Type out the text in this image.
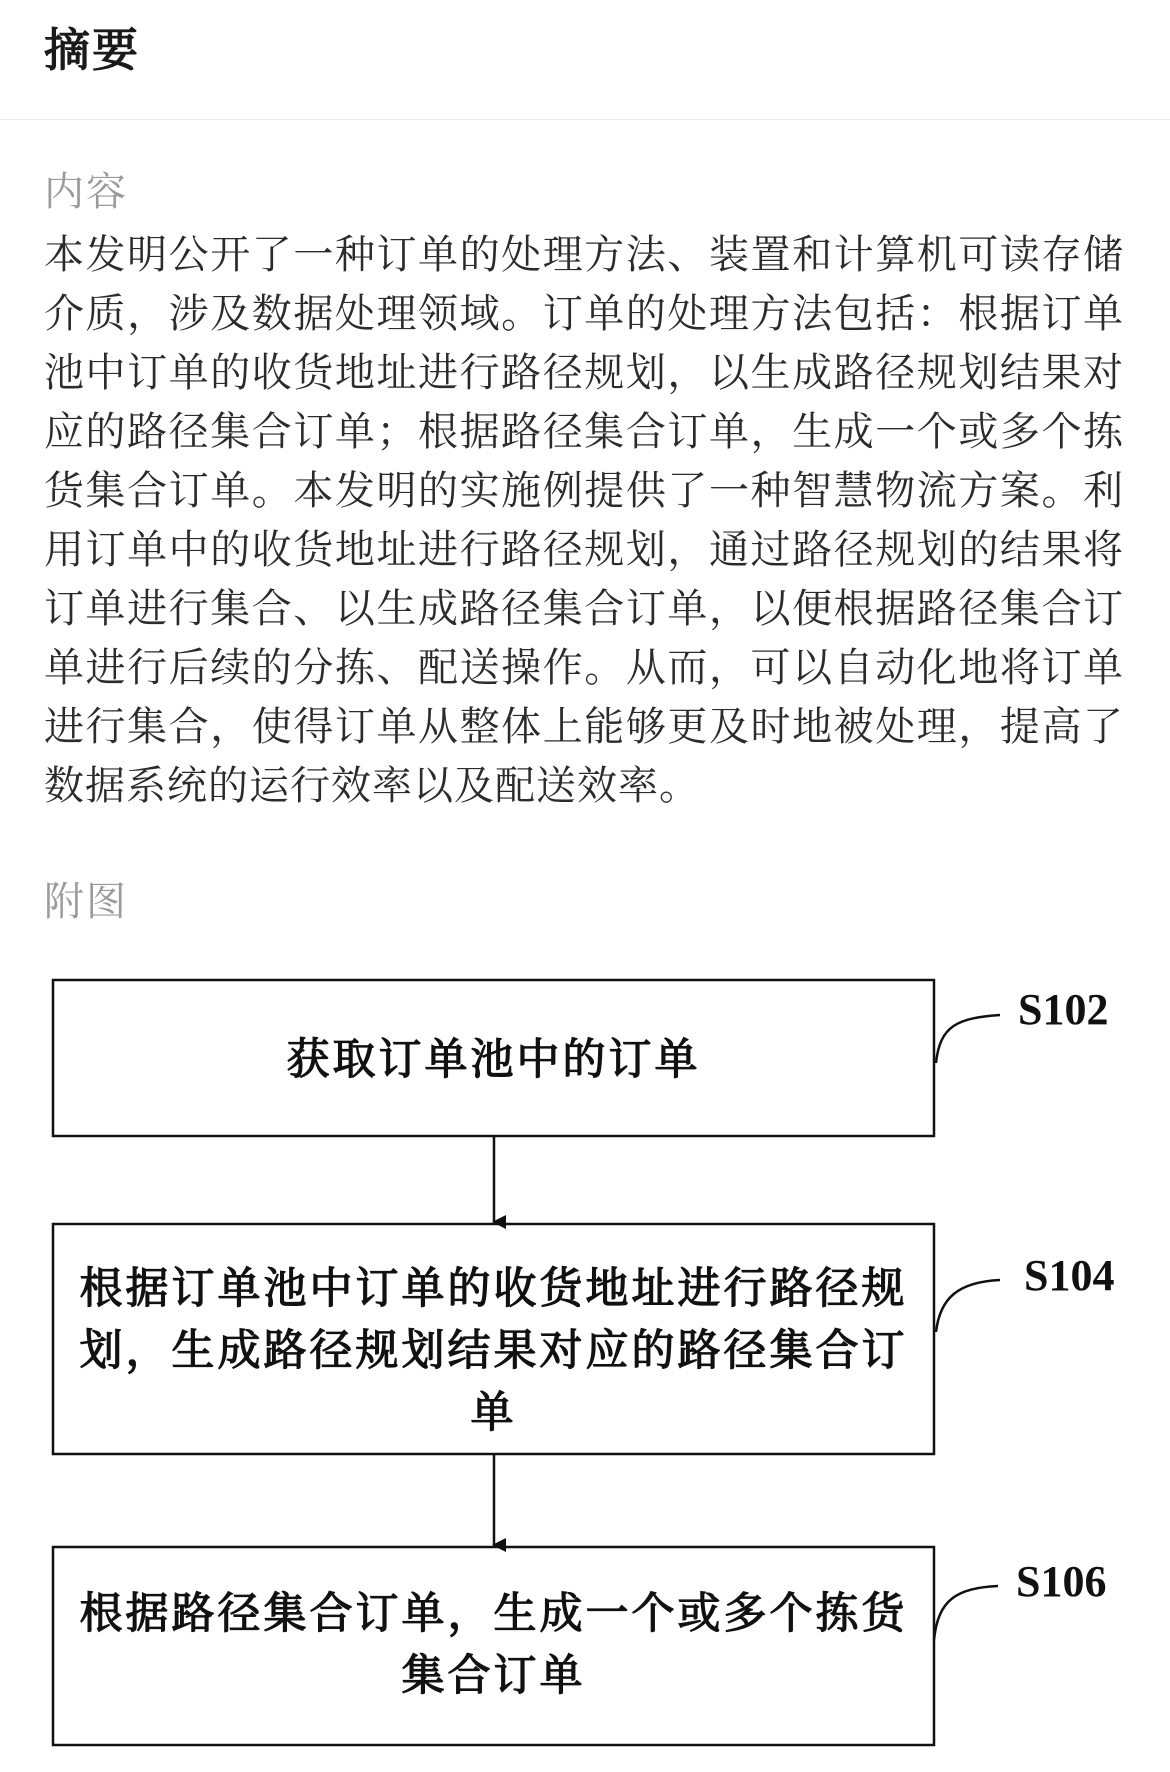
摘要
内容
本发明公开了一种订单的处理方法、装置和计算机可读存储介质，涉及数据处理领域。订单的处理方法包括：根据订单池中订单的收货地址进行路径规划，以生成路径规划结果对应的路径集合订单；根据路径集合订单，生成一个或多个拣货集合订单。本发明的实施例提供了一种智慧物流方案。利用订单中的收货地址进行路径规划，通过路径规划的结果将订单进行集合、以生成路径集合订单，以便根据路径集合订单进行后续的分拣、配送操作。从而，可以自动化地将订单进行集合，使得订单从整体上能够更及时地被处理，提高了数据系统的运行效率以及配送效率。
附图
获取订单池中的订单
根据订单池中订单的收货地址进行路径规划，生成路径规划结果对应的路径集合订单
根据路径集合订单，生成一个或多个拣货集合订单
S102
S104
S106
